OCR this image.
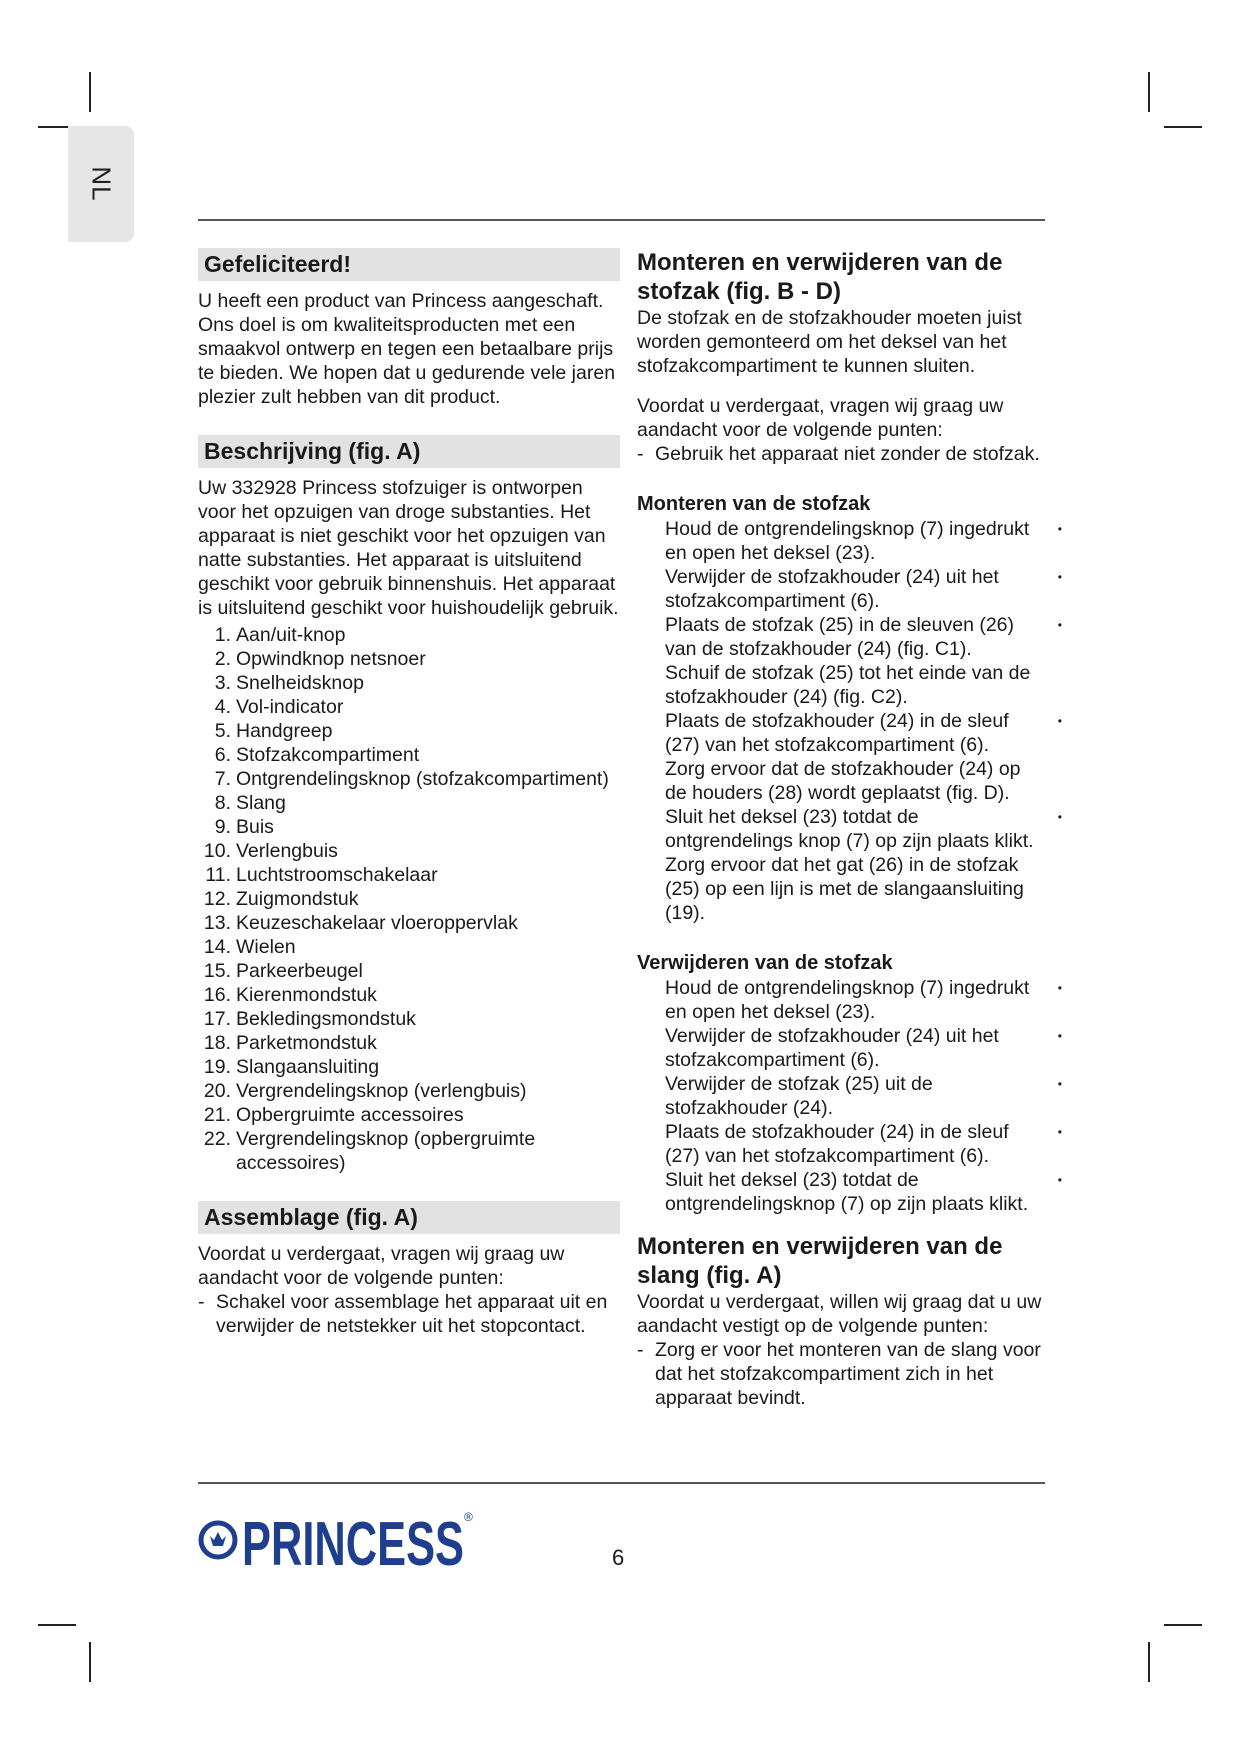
NL
Gefeliciteerd!

U heeft een product van Princess aangeschaft. Ons doel is om kwaliteitsproducten met een smaakvol ontwerp en tegen een betaalbare prijs te bieden. We hopen dat u gedurende vele jaren plezier zult hebben van dit product.

Beschrijving (fig. A)

Uw 332928 Princess stofzuiger is ontworpen voor het opzuigen van droge substanties. Het apparaat is niet geschikt voor het opzuigen van natte substanties. Het apparaat is uitsluitend geschikt voor gebruik binnenshuis. Het apparaat is uitsluitend geschikt voor huishoudelijk gebruik.

1. Aan/uit-knop
2. Opwindknop netsnoer
3. Snelheidsknop
4. Vol-indicator
5. Handgreep
6. Stofzakcompartiment
7. Ontgrendelingsknop (stofzakcompartiment)
8. Slang
9. Buis
10. Verlengbuis
11. Luchtstroomschakelaar
12. Zuigmondstuk
13. Keuzeschakelaar vloeroppervlak
14. Wielen
15. Parkeerbeugel
16. Kierenmondstuk
17. Bekledingsmondstuk
18. Parketmondstuk
19. Slangaansluiting
20. Vergrendelingsknop (verlengbuis)
21. Opbergruimte accessoires
22. Vergrendelingsknop (opbergruimte accessoires)
Assemblage (fig. A)

Voordat u verdergaat, vragen wij graag uw aandacht voor de volgende punten:

- Schakel voor assemblage het apparaat uit en verwijder de netstekker uit het stopcontact.

Monteren en verwijderen van de stofzak (fig. B - D)

De stofzak en de stofzakhouder moeten juist worden gemonteerd om het deksel van het stofzakcompartiment te kunnen sluiten.

Voordat u verdergaat, vragen wij graag uw aandacht voor de volgende punten:

- Gebruik het apparaat niet zonder de stofzak.

Monteren van de stofzak

Houd de ontgrendelingsknop (7) ingedrukt en open het deksel (23).
•
Verwijder de stofzakhouder (24) uit het stofzakcompartiment (6).
•
Plaats de stofzak (25) in de sleuven (26) van de stofzakhouder (24) (fig. C1).
•
Schuif de stofzak (25) tot het einde van de stofzakhouder (24) (fig. C2).
Plaats de stofzakhouder (24) in de sleuf (27) van het stofzakcompartiment (6).
•
Zorg ervoor dat de stofzakhouder (24) op de houders (28) wordt geplaatst (fig. D).
Sluit het deksel (23) totdat de ontgrendelings knop (7) op zijn plaats klikt.
•
Zorg ervoor dat het gat (26) in de stofzak (25) op een lijn is met de slangaansluiting (19).

Verwijderen van de stofzak

Houd de ontgrendelingsknop (7) ingedrukt en open het deksel (23).
•
Verwijder de stofzakhouder (24) uit het stofzakcompartiment (6).
•
Verwijder de stofzak (25) uit de stofzakhouder (24).
•
Plaats de stofzakhouder (24) in de sleuf (27) van het stofzakcompartiment (6).
•
Sluit het deksel (23) totdat de ontgrendelingsknop (7) op zijn plaats klikt.
•

Monteren en verwijderen van de slang (fig. A)

Voordat u verdergaat, willen wij graag dat u uw aandacht vestigt op de volgende punten:

- Zorg er voor het monteren van de slang voor dat het stofzakcompartiment zich in het apparaat bevindt.
PRINCESS ®
6
